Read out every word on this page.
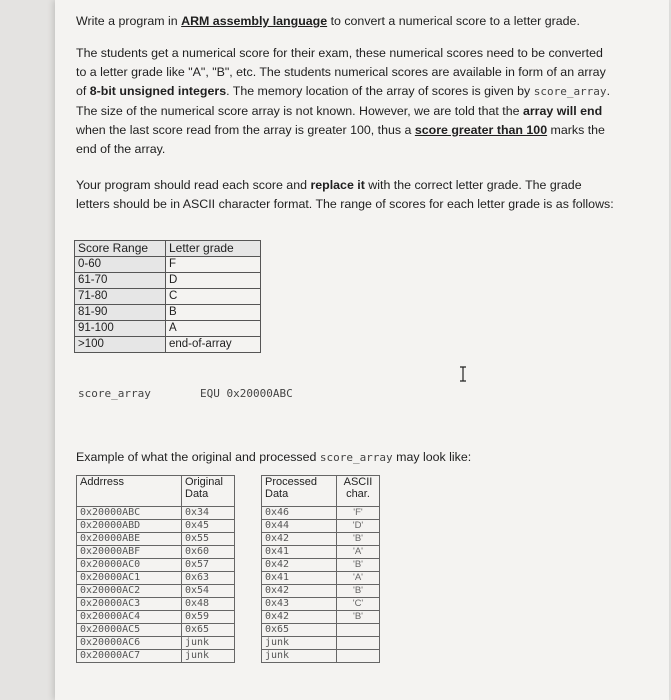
Write a program in ARM assembly language to convert a numerical score to a letter grade.
The students get a numerical score for their exam, these numerical scores need to be converted to a letter grade like "A", "B", etc. The students numerical scores are available in form of an array of 8-bit unsigned integers. The memory location of the array of scores is given by score_array. The size of the numerical score array is not known. However, we are told that the array will end when the last score read from the array is greater 100, thus a score greater than 100 marks the end of the array.
Your program should read each score and replace it with the correct letter grade. The grade letters should be in ASCII character format. The range of scores for each letter grade is as follows:
Score Range	Letter grade
0-60	F
61-70	D
71-80	C
81-90	B
91-100	A
>100	end-of-array
score_array	EQU 0x20000ABC
Example of what the original and processed score_array may look like:
Addrress	Original Data
0x20000ABC	0x34
0x20000ABD	0x45
0x20000ABE	0x55
0x20000ABF	0x60
0x20000AC0	0x57
0x20000AC1	0x63
0x20000AC2	0x54
0x20000AC3	0x48
0x20000AC4	0x59
0x20000AC5	0x65
0x20000AC6	junk
0x20000AC7	junk
Processed Data	ASCII char.
0x46	'F'
0x44	'D'
0x42	'B'
0x41	'A'
0x42	'B'
0x41	'A'
0x42	'B'
0x43	'C'
0x42	'B'
0x65	
junk	
junk	
